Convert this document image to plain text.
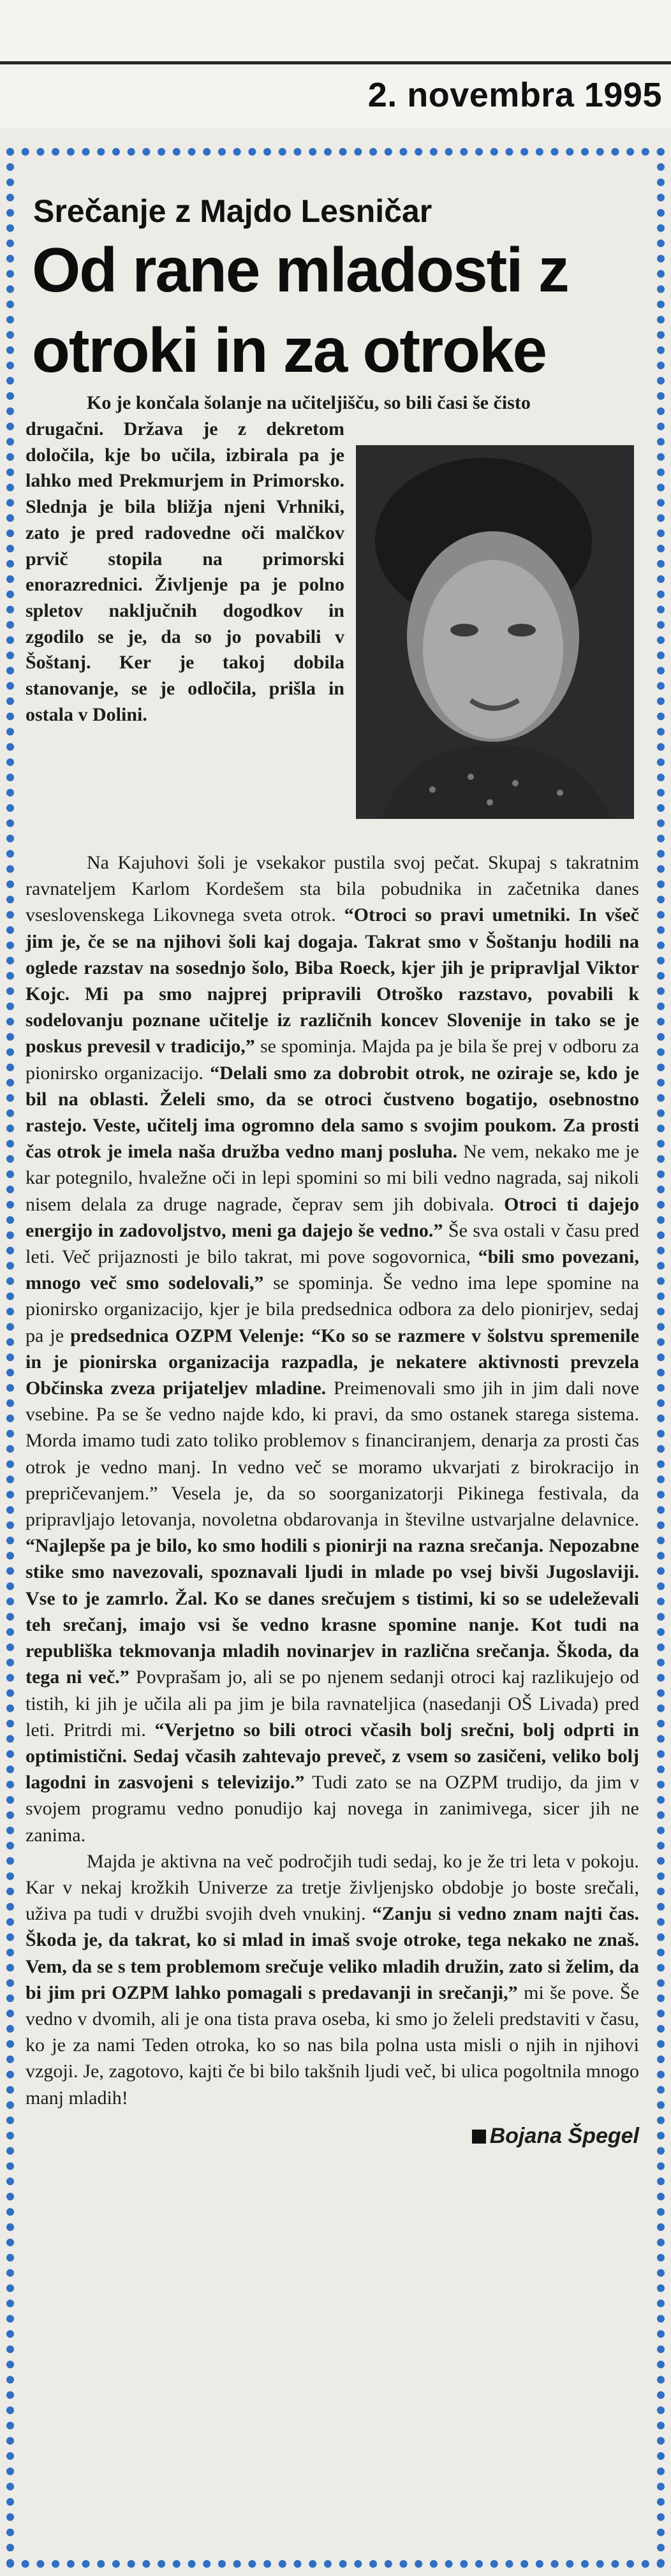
2. novembra 1995
Srečanje z Majdo Lesničar
Od rane mladosti z
otroki in za otroke
Ko je končala šolanje na učiteljišču, so bili časi še čisto
drugačni. Država je z dekretom določila, kje bo učila, izbirala pa je lahko med Prekmurjem in Primorsko. Slednja je bila bližja njeni Vrhniki, zato je pred radovedne oči malčkov prvič stopila na primorski enorazrednici. Življenje pa je polno spletov naključnih dogodkov in zgodilo se je, da so jo povabili v Šoštanj. Ker je takoj dobila stanovanje, se je odločila, prišla in ostala v Dolini.

Na Kajuhovi šoli je vsekakor pustila svoj pečat. Skupaj s takratnim ravnateljem Karlom Kordešem sta bila pobudnika in začetnika danes vseslovenskega Likovnega sveta otrok. “Otroci so pravi umetniki. In všeč jim je, če se na njihovi šoli kaj dogaja. Takrat smo v Šoštanju hodili na oglede razstav na sosednjo šolo, Biba Roeck, kjer jih je pripravljal Viktor Kojc. Mi pa smo najprej pripravili Otroško razstavo, povabili k sodelovanju poznane učitelje iz različnih koncev Slovenije in tako se je poskus prevesil v tradicijo,” se spominja. Majda pa je bila še prej v odboru za pionirsko organizacijo. “Delali smo za dobrobit otrok, ne oziraje se, kdo je bil na oblasti. Želeli smo, da se otroci čustveno bogatijo, osebnostno rastejo. Veste, učitelj ima ogromno dela samo s svojim poukom. Za prosti čas otrok je imela naša družba vedno manj posluha. Ne vem, nekako me je kar potegnilo, hvaležne oči in lepi spomini so mi bili vedno nagrada, saj nikoli nisem delala za druge nagrade, čeprav sem jih dobivala. Otroci ti dajejo energijo in zadovoljstvo, meni ga dajejo še vedno.” Še sva ostali v času pred leti. Več prijaznosti je bilo takrat, mi pove sogovornica, “bili smo povezani, mnogo več smo sodelovali,” se spominja. Še vedno ima lepe spomine na pionirsko organizacijo, kjer je bila predsednica odbora za delo pionirjev, sedaj pa je predsednica OZPM Velenje: “Ko so se razmere v šolstvu spremenile in je pionirska organizacija razpadla, je nekatere aktivnosti prevzela Občinska zveza prijateljev mladine. Preimenovali smo jih in jim dali nove vsebine. Pa se še vedno najde kdo, ki pravi, da smo ostanek starega sistema. Morda imamo tudi zato toliko problemov s financiranjem, denarja za prosti čas otrok je vedno manj. In vedno več se moramo ukvarjati z birokracijo in prepričevanjem.” Vesela je, da so soorganizatorji Pikinega festivala, da pripravljajo letovanja, novoletna obdarovanja in številne ustvarjalne delavnice. “Najlepše pa je bilo, ko smo hodili s pionirji na razna srečanja. Nepozabne stike smo navezovali, spoznavali ljudi in mlade po vsej bivši Jugoslaviji. Vse to je zamrlo. Žal. Ko se danes srečujem s tistimi, ki so se udeleževali teh srečanj, imajo vsi še vedno krasne spomine nanje. Kot tudi na republiška tekmovanja mladih novinarjev in različna srečanja. Škoda, da tega ni več.” Povprašam jo, ali se po njenem sedanji otroci kaj razlikujejo od tistih, ki jih je učila ali pa jim je bila ravnateljica (nasedanji OŠ Livada) pred leti. Pritrdi mi. “Verjetno so bili otroci včasih bolj srečni, bolj odprti in optimistični. Sedaj včasih zahtevajo preveč, z vsem so zasičeni, veliko bolj lagodni in zasvojeni s televizijo.” Tudi zato se na OZPM trudijo, da jim v svojem programu vedno ponudijo kaj novega in zanimivega, sicer jih ne zanima.

Majda je aktivna na več področjih tudi sedaj, ko je že tri leta v pokoju. Kar v nekaj krožkih Univerze za tretje življenjsko obdobje jo boste srečali, uživa pa tudi v družbi svojih dveh vnukinj. “Zanju si vedno znam najti čas. Škoda je, da takrat, ko si mlad in imaš svoje otroke, tega nekako ne znaš. Vem, da se s tem problemom srečuje veliko mladih družin, zato si želim, da bi jim pri OZPM lahko pomagali s predavanji in srečanji,” mi še pove. Še vedno v dvomih, ali je ona tista prava oseba, ki smo jo želeli predstaviti v času, ko je za nami Teden otroka, ko so nas bila polna usta misli o njih in njihovi vzgoji. Je, zagotovo, kajti če bi bilo takšnih ljudi več, bi ulica pogoltnila mnogo manj mladih!

Bojana Špegel
